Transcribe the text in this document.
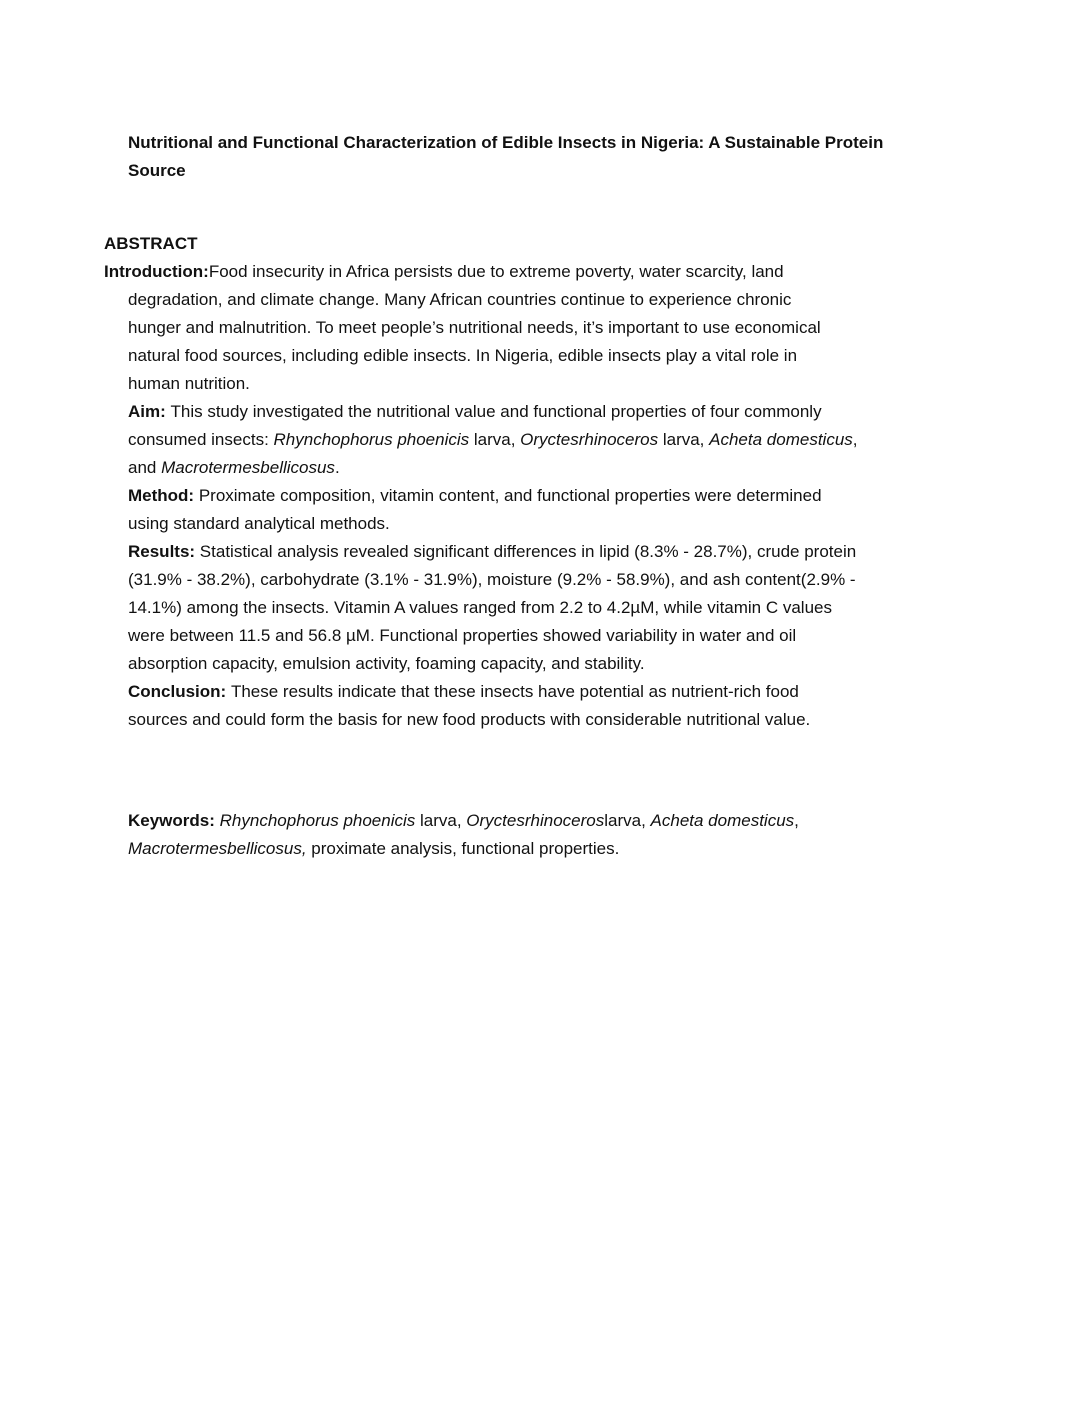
Nutritional and Functional Characterization of Edible Insects in Nigeria: A Sustainable Protein
Source
ABSTRACT
Introduction:Food insecurity in Africa persists due to extreme poverty, water scarcity, land
degradation, and climate change. Many African countries continue to experience chronic
hunger and malnutrition. To meet people’s nutritional needs, it’s important to use economical
natural food sources, including edible insects. In Nigeria, edible insects play a vital role in
human nutrition.
Aim: This study investigated the nutritional value and functional properties of four commonly
consumed insects: Rhynchophorus phoenicis larva, Oryctesrhinoceros larva, Acheta domesticus,
and Macrotermesbellicosus.
Method: Proximate composition, vitamin content, and functional properties were determined
using standard analytical methods.
Results: Statistical analysis revealed significant differences in lipid (8.3% - 28.7%), crude protein
(31.9% - 38.2%), carbohydrate (3.1% - 31.9%), moisture (9.2% - 58.9%), and ash content(2.9% -
14.1%) among the insects. Vitamin A values ranged from 2.2 to 4.2µM, while vitamin C values
were between 11.5 and 56.8 µM. Functional properties showed variability in water and oil
absorption capacity, emulsion activity, foaming capacity, and stability.
Conclusion: These results indicate that these insects have potential as nutrient-rich food
sources and could form the basis for new food products with considerable nutritional value.
Keywords: Rhynchophorus phoenicis larva, Oryctesrhinoceroslarva, Acheta domesticus,
Macrotermesbellicosus, proximate analysis, functional properties.
